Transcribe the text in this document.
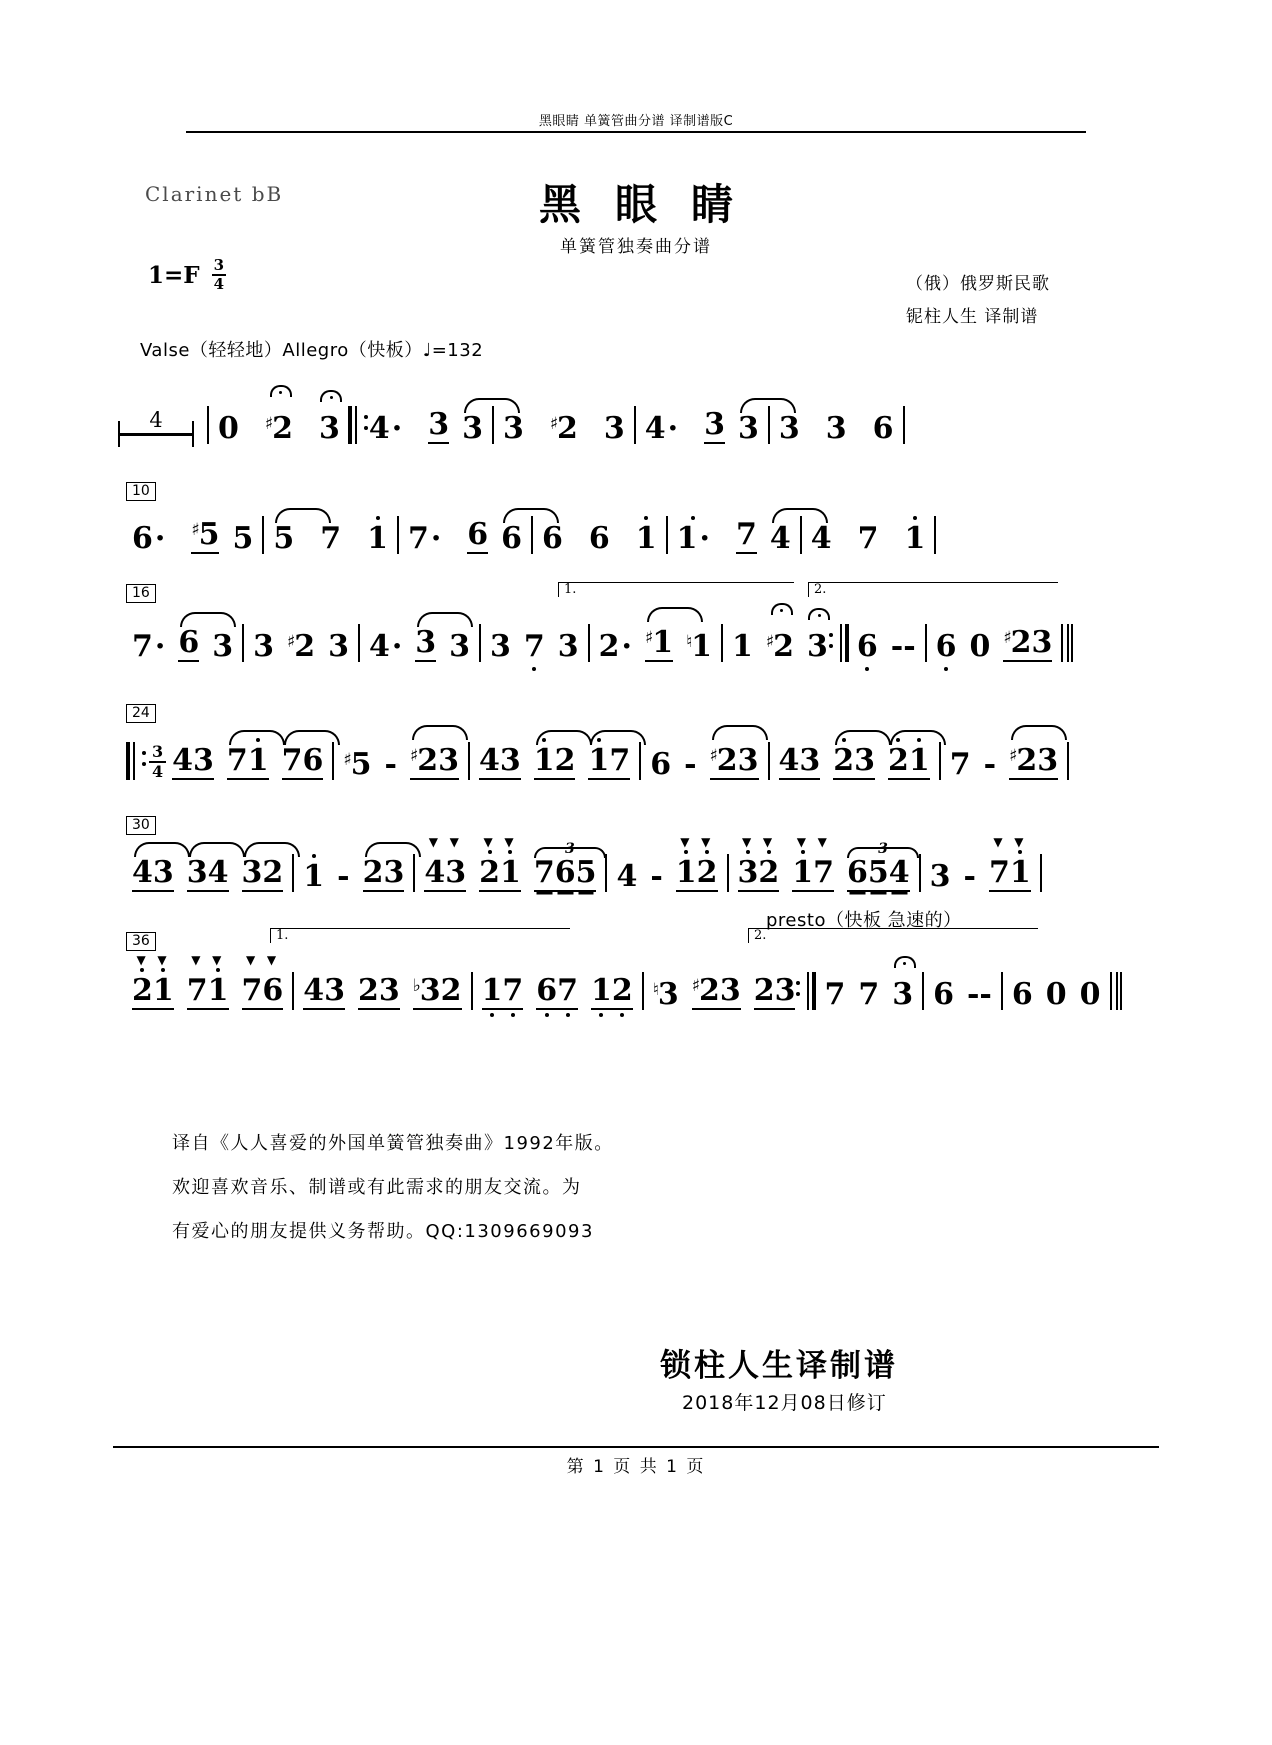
黑眼睛 单簧管曲分谱 译制谱版C
Clarinet bB	黑眼睛
单簧管独奏曲分谱
$1=F \frac{3}{4}$	（俄）俄罗斯民歌
铌柱人生 译制谱
Valse（轻轻地）Allegro（快板）♩=132
4	0 ♯2 3 4 ·	3 3 3 ♯2 3 4 ·	3 3 3 3 6
10
6 ·	♯5 5 5 7 1 7 ·	6 6 6 6 1 1 ·	7 4 4 7 1
16	1.	2.
7 · 6 3 3 ♯2 3 4 · 3 3 3 7 3 2 ·	♯1 ♮1 1 ♯2 3 6 - - 6 0 ♯2 3
24
$\frac{3}{4} 4$ 3 7 1 7 6 ♯5 - ♯2 3 4 3 1 2 1 7 6 - ♯2 3 4 3 2 3 2 1 7 - ♯2 3
30
4 3 3 4 3 2 1 - 2 3 4 3 2 1
3
7 6 5 4 - 1 2 3 2 1 7
3
6 5 4 3 - 7 1
presto（快板 急速的）
36	1.	2.
2 1 7 1 7 6 4 3 2 3 ♭3 2 1 7 6 7 1 2 ♮3 ♯2 3 2 3 7 7 3 6 - - 6 0 0
译自《人人喜爱的外国单簧管独奏曲》1992年版。
欢迎喜欢音乐、制谱或有此需求的朋友交流。为
有爱心的朋友提供义务帮助。QQ:1309669093
锁柱人生译制谱
2018年12月08日修订
第 1 页 共 1 页
